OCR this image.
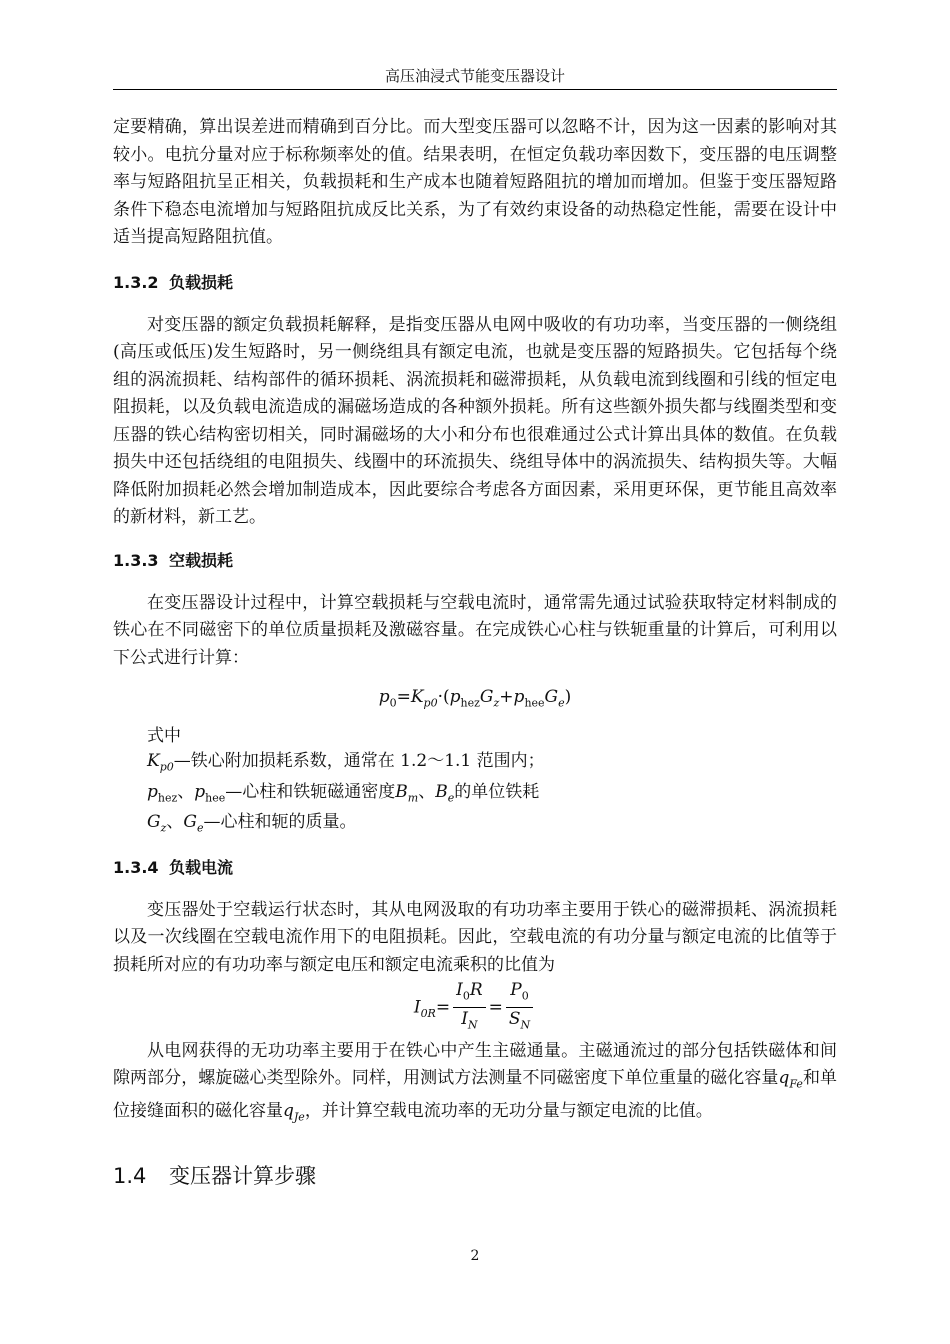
高压油浸式节能变压器设计

定要精确，算出误差进而精确到百分比。而大型变压器可以忽略不计，因为这一因素的影响对其较小。电抗分量对应于标称频率处的值。结果表明，在恒定负载功率因数下，变压器的电压调整率与短路阻抗呈正相关，负载损耗和生产成本也随着短路阻抗的增加而增加。但鉴于变压器短路条件下稳态电流增加与短路阻抗成反比关系，为了有效约束设备的动热稳定性能，需要在设计中适当提高短路阻抗值。

1.3.2 负载损耗

对变压器的额定负载损耗解释，是指变压器从电网中吸收的有功功率，当变压器的一侧绕组(高压或低压)发生短路时，另一侧绕组具有额定电流，也就是变压器的短路损失。它包括每个绕组的涡流损耗、结构部件的循环损耗、涡流损耗和磁滞损耗，从负载电流到线圈和引线的恒定电阻损耗，以及负载电流造成的漏磁场造成的各种额外损耗。所有这些额外损失都与线圈类型和变压器的铁心结构密切相关，同时漏磁场的大小和分布也很难通过公式计算出具体的数值。在负载损失中还包括绕组的电阻损失、线圈中的环流损失、绕组导体中的涡流损失、结构损失等。大幅降低附加损耗必然会增加制造成本，因此要综合考虑各方面因素，采用更环保，更节能且高效率的新材料，新工艺。

1.3.3 空载损耗

在变压器设计过程中，计算空载损耗与空载电流时，通常需先通过试验获取特定材料制成的铁心在不同磁密下的单位质量损耗及激磁容量。在完成铁心心柱与铁轭重量的计算后，可利用以下公式进行计算：

$p_0=K_{p0}\cdot(p_{hez}G_z+p_{hee}G_e)$
式中
$K_{p0}—$铁心附加损耗系数，通常在 1.2～1.1 范围内；
$p_{hez}$、$p_{hee}—$心柱和铁轭磁通密度$B_m$、$B_e$的单位铁耗
$G_z$、$G_e—$心柱和轭的质量。
1.3.4 负载电流

变压器处于空载运行状态时，其从电网汲取的有功功率主要用于铁心的磁滞损耗、涡流损耗以及一次线圈在空载电流作用下的电阻损耗。因此，空载电流的有功分量与额定电流的比值等于损耗所对应的有功功率与额定电压和额定电流乘积的比值为

$I_{0R}= \frac{I_0R}{I_N} = \frac{P_0}{S_N}$

从电网获得的无功功率主要用于在铁心中产生主磁通量。主磁通流过的部分包括铁磁体和间隙两部分，螺旋磁心类型除外。同样，用测试方法测量不同磁密度下单位重量的磁化容量$q_{Fe}$和单位接缝面积的磁化容量$q_{Je}$，并计算空载电流功率的无功分量与额定电流的比值。

1.4 变压器计算步骤
2
